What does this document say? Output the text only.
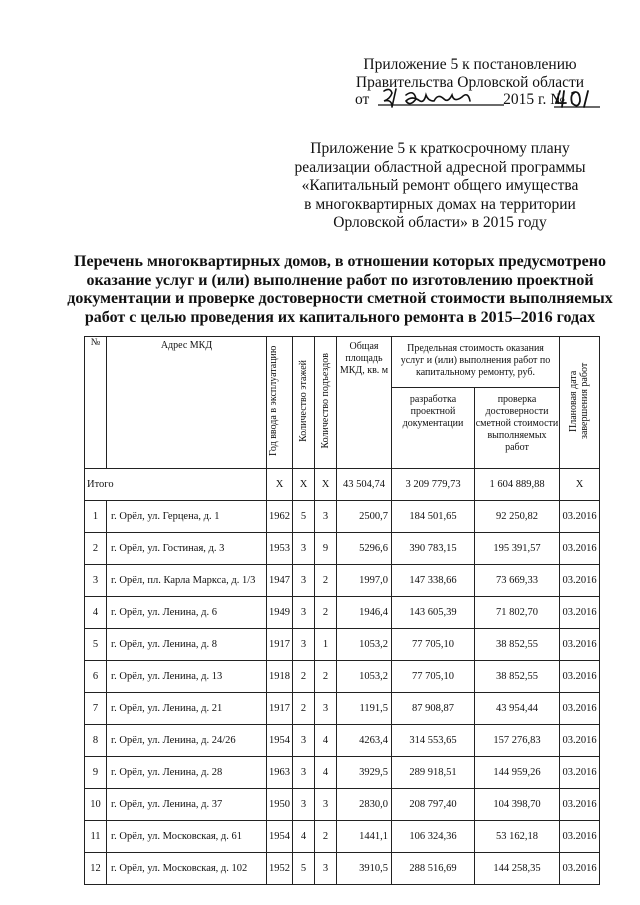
Приложение 5 к постановлению
Правительства Орловской области
от	2015 г. №
Приложение 5 к краткосрочному плану
реализации областной адресной программы
«Капитальный ремонт общего имущества
в многоквартирных домах на территории
Орловской области» в 2015 году
Перечень многоквартирных домов, в отношении которых предусмотрено
оказание услуг и (или) выполнение работ по изготовлению проектной
документации и проверке достоверности сметной стоимости выполняемых
работ с целью проведения их капитального ремонта в 2015–2016 годах
№	Адрес МКД	Год ввода в эксплуатацию	Количество этажей	Количество подъездов	Общая площадь МКД, кв. м	Предельная стоимость оказания услуг и (или) выполнения работ по капитальному ремонту, руб.		Плановая дата завершения работ
						разработка проектной документации	проверка достоверности сметной стоимости выполняемых работ	
Итого		Х	Х	Х	43 504,74	3 209 779,73	1 604 889,88	Х
1	г. Орёл, ул. Герцена, д. 1	1962	5	3	2500,7	184 501,65	92 250,82	03.2016
2	г. Орёл, ул. Гостиная, д. 3	1953	3	9	5296,6	390 783,15	195 391,57	03.2016
3	г. Орёл, пл. Карла Маркса, д. 1/3	1947	3	2	1997,0	147 338,66	73 669,33	03.2016
4	г. Орёл, ул. Ленина, д. 6	1949	3	2	1946,4	143 605,39	71 802,70	03.2016
5	г. Орёл, ул. Ленина, д. 8	1917	3	1	1053,2	77 705,10	38 852,55	03.2016
6	г. Орёл, ул. Ленина, д. 13	1918	2	2	1053,2	77 705,10	38 852,55	03.2016
7	г. Орёл, ул. Ленина, д. 21	1917	2	3	1191,5	87 908,87	43 954,44	03.2016
8	г. Орёл, ул. Ленина, д. 24/26	1954	3	4	4263,4	314 553,65	157 276,83	03.2016
9	г. Орёл, ул. Ленина, д. 28	1963	3	4	3929,5	289 918,51	144 959,26	03.2016
10	г. Орёл, ул. Ленина, д. 37	1950	3	3	2830,0	208 797,40	104 398,70	03.2016
11	г. Орёл, ул. Московская, д. 61	1954	4	2	1441,1	106 324,36	53 162,18	03.2016
12	г. Орёл, ул. Московская, д. 102	1952	5	3	3910,5	288 516,69	144 258,35	03.2016
